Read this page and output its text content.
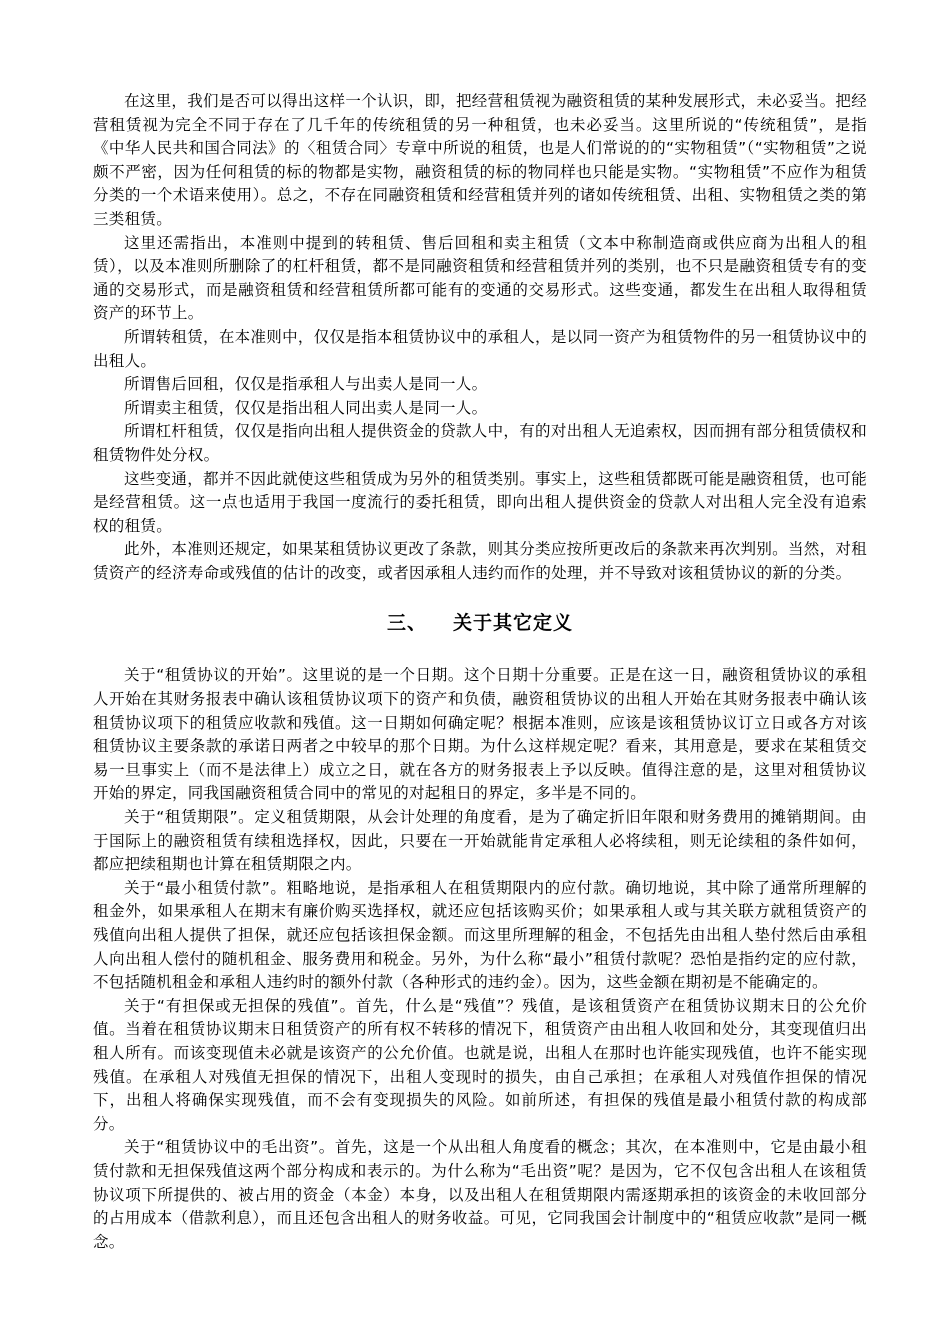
在这里，我们是否可以得出这样一个认识，即，把经营租赁视为融资租赁的某种发展形式，未必妥当。把经营租赁视为完全不同于存在了几千年的传统租赁的另一种租赁，也未必妥当。这里所说的“传统租赁”，是指《中华人民共和国合同法》的〈租赁合同〉专章中所说的租赁，也是人们常说的的“实物租赁”（“实物租赁”之说颇不严密，因为任何租赁的标的物都是实物，融资租赁的标的物同样也只能是实物。“实物租赁”不应作为租赁分类的一个术语来使用）。总之，不存在同融资租赁和经营租赁并列的诸如传统租赁、出租、实物租赁之类的第三类租赁。

这里还需指出，本准则中提到的转租赁、售后回租和卖主租赁（文本中称制造商或供应商为出租人的租赁），以及本准则所删除了的杠杆租赁，都不是同融资租赁和经营租赁并列的类别，也不只是融资租赁专有的变通的交易形式，而是融资租赁和经营租赁所都可能有的变通的交易形式。这些变通，都发生在出租人取得租赁资产的环节上。

所谓转租赁，在本准则中，仅仅是指本租赁协议中的承租人，是以同一资产为租赁物件的另一租赁协议中的出租人。

所谓售后回租，仅仅是指承租人与出卖人是同一人。

所谓卖主租赁，仅仅是指出租人同出卖人是同一人。

所谓杠杆租赁，仅仅是指向出租人提供资金的贷款人中，有的对出租人无追索权，因而拥有部分租赁债权和租赁物件处分权。

这些变通，都并不因此就使这些租赁成为另外的租赁类别。事实上，这些租赁都既可能是融资租赁，也可能是经营租赁。这一点也适用于我国一度流行的委托租赁，即向出租人提供资金的贷款人对出租人完全没有追索权的租赁。

此外，本准则还规定，如果某租赁协议更改了条款，则其分类应按所更改后的条款来再次判别。当然，对租赁资产的经济寿命或残值的估计的改变，或者因承租人违约而作的处理，并不导致对该租赁协议的新的分类。

三、 关于其它定义

关于“租赁协议的开始”。这里说的是一个日期。这个日期十分重要。正是在这一日，融资租赁协议的承租人开始在其财务报表中确认该租赁协议项下的资产和负债，融资租赁协议的出租人开始在其财务报表中确认该租赁协议项下的租赁应收款和残值。这一日期如何确定呢？根据本准则，应该是该租赁协议订立日或各方对该租赁协议主要条款的承诺日两者之中较早的那个日期。为什么这样规定呢？看来，其用意是，要求在某租赁交易一旦事实上（而不是法律上）成立之日，就在各方的财务报表上予以反映。值得注意的是，这里对租赁协议开始的界定，同我国融资租赁合同中的常见的对起租日的界定，多半是不同的。

关于“租赁期限”。定义租赁期限，从会计处理的角度看，是为了确定折旧年限和财务费用的摊销期间。由于国际上的融资租赁有续租选择权，因此，只要在一开始就能肯定承租人必将续租，则无论续租的条件如何，都应把续租期也计算在租赁期限之内。

关于“最小租赁付款”。粗略地说，是指承租人在租赁期限内的应付款。确切地说，其中除了通常所理解的租金外，如果承租人在期末有廉价购买选择权，就还应包括该购买价；如果承租人或与其关联方就租赁资产的残值向出租人提供了担保，就还应包括该担保金额。而这里所理解的租金，不包括先由出租人垫付然后由承租人向出租人偿付的随机租金、服务费用和税金。另外，为什么称“最小”租赁付款呢？恐怕是指约定的应付款，不包括随机租金和承租人违约时的额外付款（各种形式的违约金）。因为，这些金额在期初是不能确定的。

关于“有担保或无担保的残值”。首先，什么是“残值”？残值，是该租赁资产在租赁协议期末日的公允价值。当着在租赁协议期末日租赁资产的所有权不转移的情况下，租赁资产由出租人收回和处分，其变现值归出租人所有。而该变现值未必就是该资产的公允价值。也就是说，出租人在那时也许能实现残值，也许不能实现残值。在承租人对残值无担保的情况下，出租人变现时的损失，由自己承担；在承租人对残值作担保的情况下，出租人将确保实现残值，而不会有变现损失的风险。如前所述，有担保的残值是最小租赁付款的构成部分。

关于“租赁协议中的毛出资”。首先，这是一个从出租人角度看的概念；其次，在本准则中，它是由最小租赁付款和无担保残值这两个部分构成和表示的。为什么称为“毛出资”呢？是因为，它不仅包含出租人在该租赁协议项下所提供的、被占用的资金（本金）本身，以及出租人在租赁期限内需逐期承担的该资金的未收回部分的占用成本（借款利息），而且还包含出租人的财务收益。可见，它同我国会计制度中的“租赁应收款”是同一概念。
